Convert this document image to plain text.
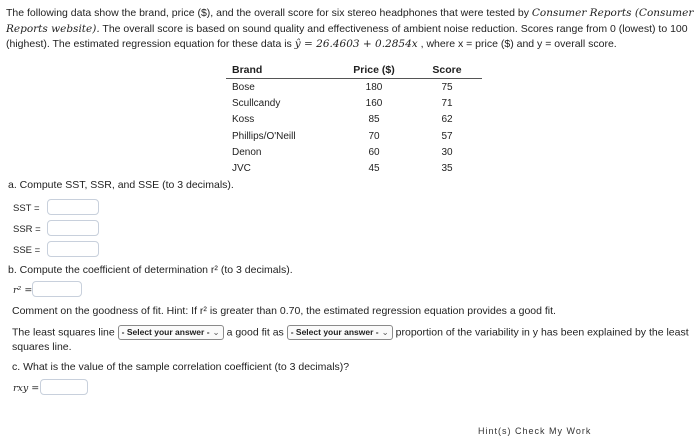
The following data show the brand, price ($), and the overall score for six stereo headphones that were tested by Consumer Reports (Consumer Reports website). The overall score is based on sound quality and effectiveness of ambient noise reduction. Scores range from 0 (lowest) to 100 (highest). The estimated regression equation for these data is ŷ = 26.4603 + 0.2854x , where x = price ($) and y = overall score.
Brand	Price ($)	Score
Bose	180	75
Scullcandy	160	71
Koss	85	62
Phillips/O'Neill	70	57
Denon	60	30
JVC	45	35
a. Compute SST, SSR, and SSE (to 3 decimals).
SST =
SSR =
SSE =
b. Compute the coefficient of determination r² (to 3 decimals).
r² =
Comment on the goodness of fit. Hint: If r² is greater than 0.70, the estimated regression equation provides a good fit.
The least squares line - Select your answer - ⌄ a good fit as - Select your answer - ⌄ proportion of the variability in y has been explained by the least squares line.
c. What is the value of the sample correlation coefficient (to 3 decimals)?
rxy =
Hint(s) Check My Work
